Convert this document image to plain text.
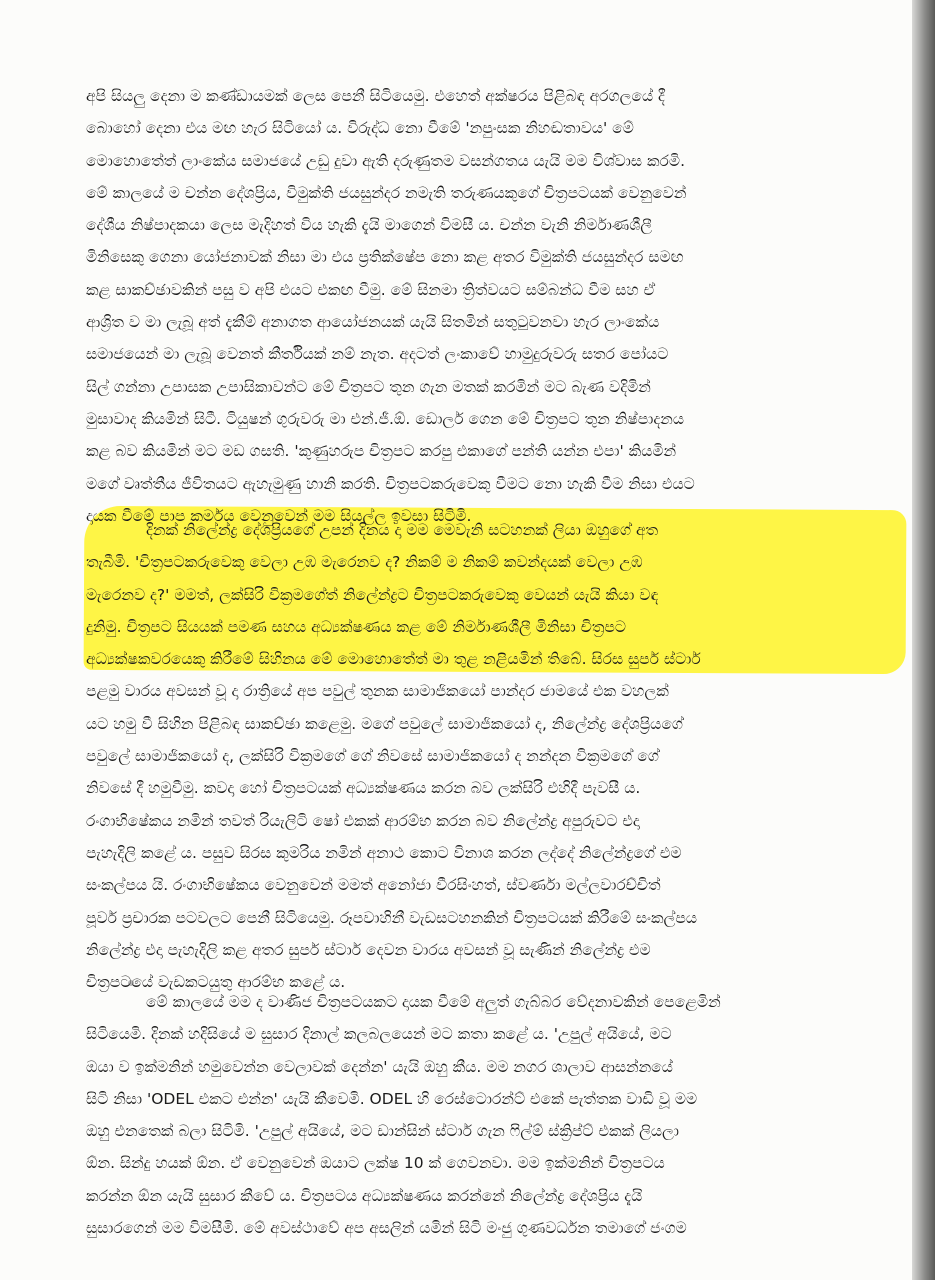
අපි සියලු දෙනා ම කණ්ඩායමක් ලෙස පෙනී සිටියෙමු. එහෙත් අක්ෂරය පිළිබඳ අරගලයේ දී
බොහෝ දෙනා එය මඟ හැර සිටියෝ ය. විරුද්ධ නො වීමේ 'නපුංසක නිහඬතාවය' මේ
මොහොතේත් ලාංකේය සමාජයේ උඩු දුවා ඇති දරුණුතම වසන්ගතය යැයි මම විශ්වාස කරමි.
මේ කාලයේ ම චන්න දේශප්‍රිය, විමුක්ති ජයසුන්දර නමැති තරුණයකුගේ චිත්‍රපටයක් වෙනුවෙන්
දේශීය නිෂ්පාදකයා ලෙස මැදිහත් විය හැකි දැයි මාගෙන් විමසී ය. චන්න වැනි නිර්මාණශීලී
මිනිසෙකු ගෙනා යෝජනාවක් නිසා මා එය ප්‍රතික්ෂේප නො කළ අතර විමුක්ති ජයසුන්දර සමඟ
කළ සාකච්ඡාවකින් පසු ව අපි එයට එකඟ වීමු. මේ සිනමා ත්‍රිත්වයට සම්බන්ධ වීම සහ ඒ
ආශ්‍රිත ව මා ලැබූ අත් දැකීම් අනාගත ආයෝජනයක් යැයි සිතමින් සතුටුවනවා හැර ලාංකේය
සමාජයෙන් මා ලැබූ වෙනත් කීර්තියක් නම් නැත. අදටත් ලංකාවේ හාමුදුරුවරු සතර පෝයට
සිල් ගන්නා උපාසක උපාසිකාවන්ට මේ චිත්‍රපට තුන ගැන මතක් කරමින් මට බැණ වදිමින්
මුසාවාද කියමින් සිටී. ටියුෂන් ගුරුවරු මා එන්.ජී.ඕ. ඩොලර් ගෙන මේ චිත්‍රපට තුන නිෂ්පාදනය
කළ බව කියමින් මට මඩ ගසති. 'කුණුහරුප චිත්‍රපට කරපු එකාගේ පන්ති යන්න එපා' කියමින්
මගේ වෘත්තීය ජීවිතයට ඇහැමුණු හානි කරති. චිත්‍රපටකරුවෙකු වීමට නො හැකි වීම නිසා එයට
දායක වීමේ පාප කර්මය වෙනුවෙන් මම සියල්ල ඉවසා සිටිමි.
දිනක් නිලේන්ද්‍ර දේශප්‍රියගේ උපන් දිනය දා මම මෙවැනි සටහනක් ලියා ඔහුගේ අත
තැබීමි. 'චිත්‍රපටකරුවෙකු වෙලා උඹ මැරෙනව ද? නිකම් ම නිකම් කවන්දයක් වෙලා උඹ
මැරෙනව ද?' මමත්, ලක්සිරි වික්‍රමගේත් නිලේන්ද්‍රට චිත්‍රපටකරුවෙකු වෙයන් යැයි කියා වඳ
දුනිමු. චිත්‍රපට සියයක් පමණ සහය අධ්‍යක්ෂණය කළ මේ නිර්මාණශීලී මිනිසා චිත්‍රපට
අධ්‍යක්ෂකවරයෙකු කිරීමේ සිහිනය මේ මොහොතේත් මා තුළ නළියමින් තිබේ. සිරස සුපර් ස්ටාර්
පළමු වාරය අවසන් වූ දා රාත්‍රියේ අප පවුල් තුනක සාමාජිකයෝ පාන්දර ජාමයේ එක වහලක්
යට හමු වී සිහින පිළිබඳ සාකච්ඡා කළෙමු. මගේ පවුලේ සාමාජිකයෝ ද, නිලේන්ද්‍ර දේශප්‍රියගේ
පවුලේ සාමාජිකයෝ ද, ලක්සිරි වික්‍රමගේ ගේ නිවසේ සාමාජිකයෝ ද නන්දන වික්‍රමගේ ගේ
නිවසේ දී හමුවීමු. කවදා හෝ චිත්‍රපටයක් අධ්‍යක්ෂණය කරන බව ලක්සිරි එහිදී පැවසී ය.
රංගාභිෂේකය නමින් තවත් රියැලිටි ෂෝ එකක් ආරම්භ කරන බව නිලේන්ද්‍ර අපුරුවට එදා
පැහැදිලි කළේ ය. පසුව සිරස කුමරිය නමින් අනාථ කොට විනාශ කරන ලද්දේ නිලේන්ද්‍රගේ එම
සංකල්පය යි. රංගාභිෂේකය වෙනුවෙන් මමත් අනෝජා වීරසිංහත්, ස්වර්ණා මල්ලවාරච්චිත්
පූර්ව ප්‍රචාරක පටවලට පෙනී සිටියෙමු. රූපවාහිනී වැඩසටහනකින් චිත්‍රපටයක් කිරීමේ සංකල්පය
නිලේන්ද්‍ර එදා පැහැදිලි කළ අතර සුපර් ස්ටාර් දෙවන වාරය අවසන් වූ සැණින් නිලේන්ද්‍ර එම
චිත්‍රපටයේ වැඩකටයුතු ආරම්භ කළේ ය.
මේ කාලයේ මම ද වාණිජ චිත්‍රපටයකට දායක වීමේ අලුත් ගැබ්බර වේදනාවකින් පෙළෙමින්
සිටියෙමි. දිනක් හදිසියේ ම සුසාර දිනාල් කලබලයෙන් මට කතා කළේ ය. 'උපුල් අයියේ, මට
ඔයා ව ඉක්මනින් හමුවෙන්න වෙලාවක් දෙන්න' යැයි ඔහු කීය. මම නගර ශාලාව ආසන්නයේ
සිටි නිසා 'ODEL එකට එන්න' යැයි කීවෙමි. ODEL හි රෙස්ටොරන්ට් එකේ පැත්තක වාඩි වූ මම
ඔහු එනතෙක් බලා සිටිමි. 'උපුල් අයියේ, මට ඩාන්සින් ස්ටාර් ගැන ෆිල්ම් ස්ක්‍රිප්ට් එකක් ලියලා
ඕන. සින්දු හයක් ඕන. ඒ වෙනුවෙන් ඔයාට ලක්ෂ 10 ක් ගෙවනවා. මම ඉක්මනින් චිත්‍රපටය
කරන්න ඕන යැයි සුසාර කීවේ ය. චිත්‍රපටය අධ්‍යක්ෂණය කරන්නේ නිලේන්ද්‍ර දේශප්‍රිය දැයි
සුසාරගෙන් මම විමසීමි. මේ අවස්ථාවේ අප අසලින් යමින් සිටි මංජු ගුණවර්ධන තමාගේ ජංගම
